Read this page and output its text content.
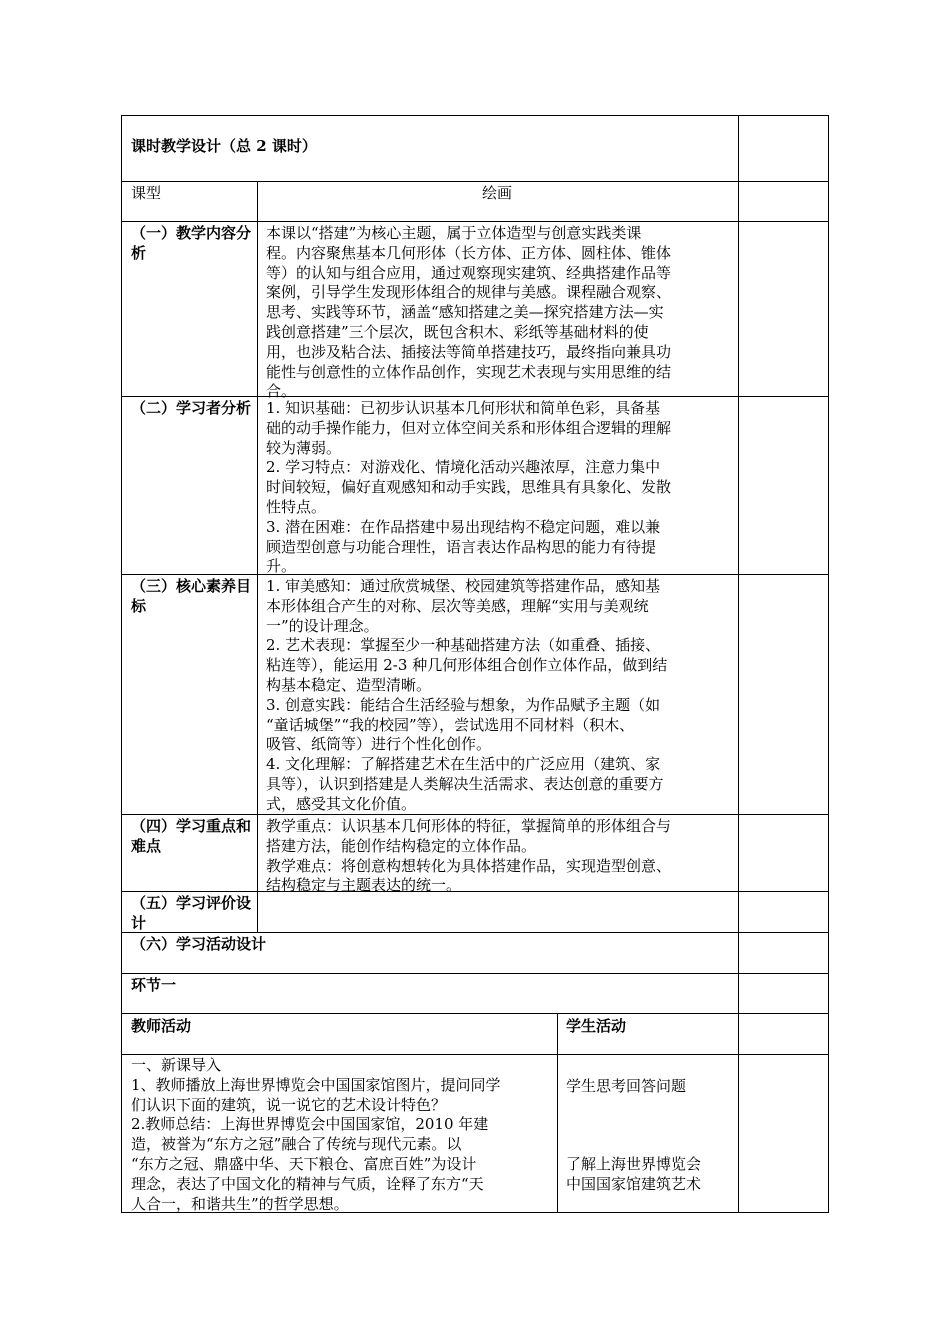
课时教学设计（总 2 课时）
课型	绘画
（一）教学内容分析
本课以“搭建”为核心主题，属于立体造型与创意实践类课
程。内容聚焦基本几何形体（长方体、正方体、圆柱体、锥体
等）的认知与组合应用，通过观察现实建筑、经典搭建作品等
案例，引导学生发现形体组合的规律与美感。课程融合观察、
思考、实践等环节，涵盖“感知搭建之美—探究搭建方法—实
践创意搭建”三个层次，既包含积木、彩纸等基础材料的使
用，也涉及粘合法、插接法等简单搭建技巧，最终指向兼具功
能性与创意性的立体作品创作，实现艺术表现与实用思维的结
合。
（二）学习者分析 1. 知识基础：已初步认识基本几何形状和简单色彩，具备基
础的动手操作能力，但对立体空间关系和形体组合逻辑的理解
较为薄弱。
2. 学习特点：对游戏化、情境化活动兴趣浓厚，注意力集中
时间较短，偏好直观感知和动手实践，思维具有具象化、发散
性特点。
3. 潜在困难：在作品搭建中易出现结构不稳定问题，难以兼
顾造型创意与功能合理性，语言表达作品构思的能力有待提
升。
（三）核心素养目标
1. 审美感知：通过欣赏城堡、校园建筑等搭建作品，感知基
本形体组合产生的对称、层次等美感，理解“实用与美观统
一”的设计理念。
2. 艺术表现：掌握至少一种基础搭建方法（如重叠、插接、
粘连等），能运用 2-3 种几何形体组合创作立体作品，做到结
构基本稳定、造型清晰。
3. 创意实践：能结合生活经验与想象，为作品赋予主题（如
“童话城堡”“我的校园”等），尝试选用不同材料（积木、
吸管、纸筒等）进行个性化创作。
4. 文化理解：了解搭建艺术在生活中的广泛应用（建筑、家
具等），认识到搭建是人类解决生活需求、表达创意的重要方
式，感受其文化价值。
（四）学习重点和难点
教学重点：认识基本几何形体的特征，掌握简单的形体组合与
搭建方法，能创作结构稳定的立体作品。
教学难点：将创意构想转化为具体搭建作品，实现造型创意、
结构稳定与主题表达的统一。
（五）学习评价设计
（六）学习活动设计
环节一
教师活动	学生活动
一、新课导入
1、教师播放上海世界博览会中国国家馆图片，提问同学
们认识下面的建筑，说一说它的艺术设计特色？
2.教师总结：上海世界博览会中国国家馆，2010 年建
造，被誉为“东方之冠”融合了传统与现代元素。以
“东方之冠、鼎盛中华、天下粮仓、富庶百姓”为设计
理念，表达了中国文化的精神与气质，诠释了东方“天
人合一，和谐共生”的哲学思想。
学生思考回答问题
了解上海世界博览会
中国国家馆建筑艺术
